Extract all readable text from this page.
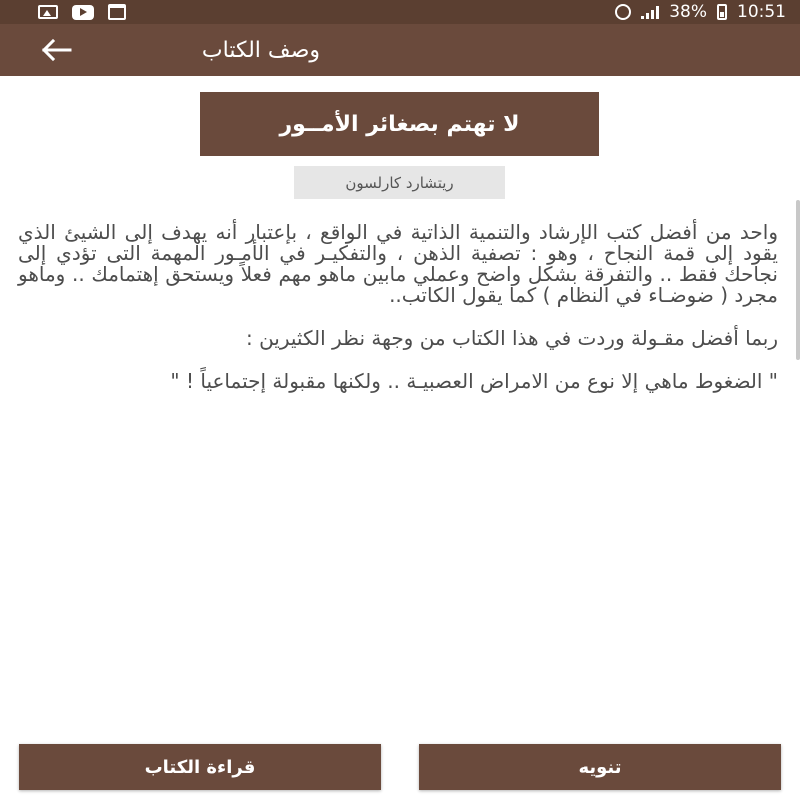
38% 10:51
وصف الكتاب
لا تهتم بصغائر الأمــور
ريتشارد كارلسون

واحد من أفضل كتب الإرشاد والتنمية الذاتية في الواقع ، بإعتبار أنه يهدف إلى الشيئ الذي يقود إلى قمة النجاح ، وهو : تصفية الذهن ، والتفكيـر في الأمـور المهمة التى تؤدي إلى نجاحك فقط .. والتفرقة بشكل واضح وعملي مابين ماهو مهم فعلاً ويستحق إهتمامك .. وماهو مجرد ( ضوضـاء في النظام ) كما يقول الكاتب..

ربما أفضل مقـولة وردت في هذا الكتاب من وجهة نظر الكثيرين :

" الضغوط ماهي إلا نوع من الامراض العصبيـة .. ولكنها مقبولة إجتماعياً ! "

قراءة الكتاب	تنويه
